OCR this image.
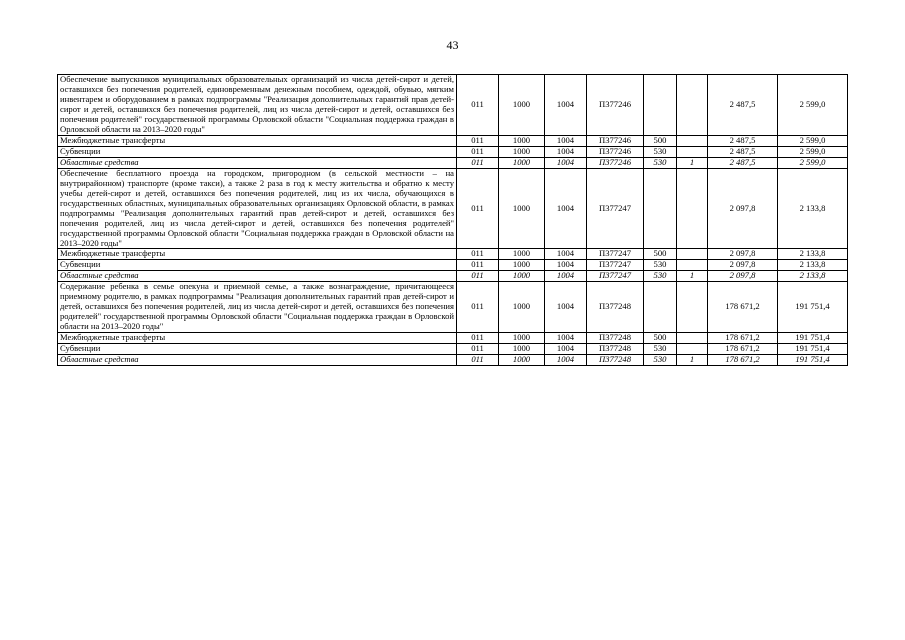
43
Обеспечение выпускников муниципальных образовательных организаций из числа детей-сирот и детей, оставшихся без попечения родителей, единовременным денежным пособием, одеждой, обувью, мягким инвентарем и оборудованием в рамках подпрограммы "Реализация дополнительных гарантий прав детей-сирот и детей, оставшихся без попечения родителей, лиц из числа детей-сирот и детей, оставшихся без попечения родителей" государственной программы Орловской области "Социальная поддержка граждан в Орловской области на 2013–2020 годы"	011	1000	1004	П377246			2 487,5	2 599,0
Межбюджетные трансферты	011	1000	1004	П377246	500		2 487,5	2 599,0
Субвенции	011	1000	1004	П377246	530		2 487,5	2 599,0
Областные средства	011	1000	1004	П377246	530	1	2 487,5	2 599,0
Обеспечение бесплатного проезда на городском, пригородном (в сельской местности – на внутрирайонном) транспорте (кроме такси), а также 2 раза в год к месту жительства и обратно к месту учебы детей-сирот и детей, оставшихся без попечения родителей, лиц из их числа, обучающихся в государственных областных, муниципальных образовательных организациях Орловской области, в рамках подпрограммы "Реализация дополнительных гарантий прав детей-сирот и детей, оставшихся без попечения родителей, лиц из числа детей-сирот и детей, оставшихся без попечения родителей" государственной программы Орловской области "Социальная поддержка граждан в Орловской области на 2013–2020 годы"	011	1000	1004	П377247			2 097,8	2 133,8
Межбюджетные трансферты	011	1000	1004	П377247	500		2 097,8	2 133,8
Субвенции	011	1000	1004	П377247	530		2 097,8	2 133,8
Областные средства	011	1000	1004	П377247	530	1	2 097,8	2 133,8
Содержание ребенка в семье опекуна и приемной семье, а также вознаграждение, причитающееся приемному родителю, в рамках подпрограммы "Реализация дополнительных гарантий прав детей-сирот и детей, оставшихся без попечения родителей, лиц из числа детей-сирот и детей, оставшихся без попечения родителей" государственной программы Орловской области "Социальная поддержка граждан в Орловской области на 2013–2020 годы"	011	1000	1004	П377248			178 671,2	191 751,4
Межбюджетные трансферты	011	1000	1004	П377248	500		178 671,2	191 751,4
Субвенции	011	1000	1004	П377248	530		178 671,2	191 751,4
Областные средства	011	1000	1004	П377248	530	1	178 671,2	191 751,4
